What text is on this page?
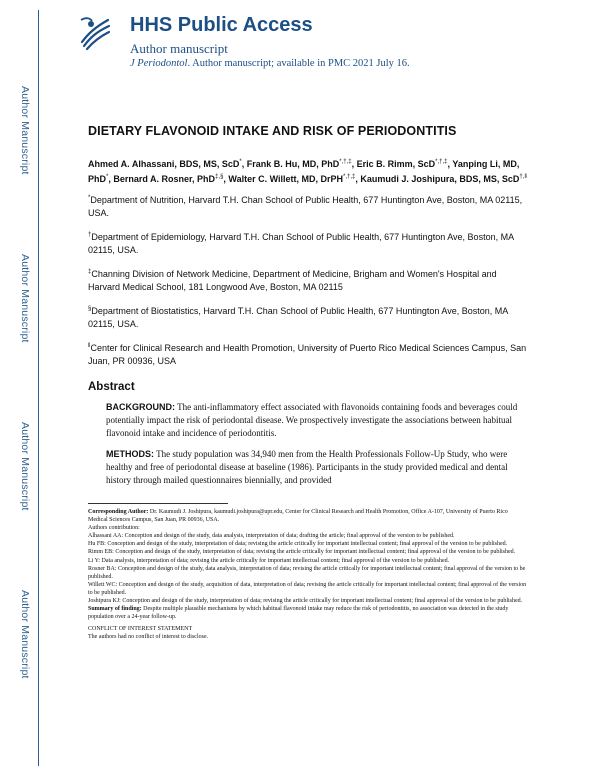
Author Manuscript
Author Manuscript
Author Manuscript
Author Manuscript
HHS Public Access
Author manuscript
J Periodontol. Author manuscript; available in PMC 2021 July 16.
DIETARY FLAVONOID INTAKE AND RISK OF PERIODONTITIS
Ahmed A. Alhassani, BDS, MS, ScD*, Frank B. Hu, MD, PhD*,†,‡, Eric B. Rimm, ScD*,†,‡, Yanping Li, MD, PhD*, Bernard A. Rosner, PhD‡,§, Walter C. Willett, MD, DrPH*,†,‡, Kaumudi J. Joshipura, BDS, MS, ScD$^{\dagger,ǁ}$
*Department of Nutrition, Harvard T.H. Chan School of Public Health, 677 Huntington Ave, Boston, MA 02115, USA.
†Department of Epidemiology, Harvard T.H. Chan School of Public Health, 677 Huntington Ave, Boston, MA 02115, USA.
‡Channing Division of Network Medicine, Department of Medicine, Brigham and Women's Hospital and Harvard Medical School, 181 Longwood Ave, Boston, MA 02115
§Department of Biostatistics, Harvard T.H. Chan School of Public Health, 677 Huntington Ave, Boston, MA 02115, USA.
$^ǁ$Center for Clinical Research and Health Promotion, University of Puerto Rico Medical Sciences Campus, San Juan, PR 00936, USA
Abstract
BACKGROUND: The anti-inflammatory effect associated with flavonoids containing foods and beverages could potentially impact the risk of periodontal disease. We prospectively investigate the associations between habitual flavonoid intake and incidence of periodontitis.
METHODS: The study population was 34,940 men from the Health Professionals Follow-Up Study, who were healthy and free of periodontal disease at baseline (1986). Participants in the study provided medical and dental history through mailed questionnaires biennially, and provided

Corresponding Author: Dr. Kaumudi J. Joshipura, kaumudi.joshipura@upr.edu, Center for Clinical Research and Health Promotion, Office A-107, University of Puerto Rico Medical Sciences Campus, San Juan, PR 00936, USA.

Authors contribution:

Alhassani AA: Conception and design of the study, data analysis, interpretation of data; drafting the article; final approval of the version to be published.

Hu FB: Conception and design of the study, interpretation of data; revising the article critically for important intellectual content; final approval of the version to be published.

Rimm EB: Conception and design of the study, interpretation of data; revising the article critically for important intellectual content; final approval of the version to be published.

Li Y: Data analysis, interpretation of data; revising the article critically for important intellectual content; final approval of the version to be published.

Rosner BA: Conception and design of the study, data analysis, interpretation of data; revising the article critically for important intellectual content; final approval of the version to be published.

Willett WC: Conception and design of the study, acquisition of data, interpretation of data; revising the article critically for important intellectual content; final approval of the version to be published.

Joshipura KJ: Conception and design of the study, interpretation of data; revising the article critically for important intellectual content; final approval of the version to be published.

Summary of finding: Despite multiple plausible mechanisms by which habitual flavonoid intake may reduce the risk of periodontitis, no association was detected in the study population over a 24-year follow-up.

CONFLICT OF INTEREST STATEMENT

The authors had no conflict of interest to disclose.
